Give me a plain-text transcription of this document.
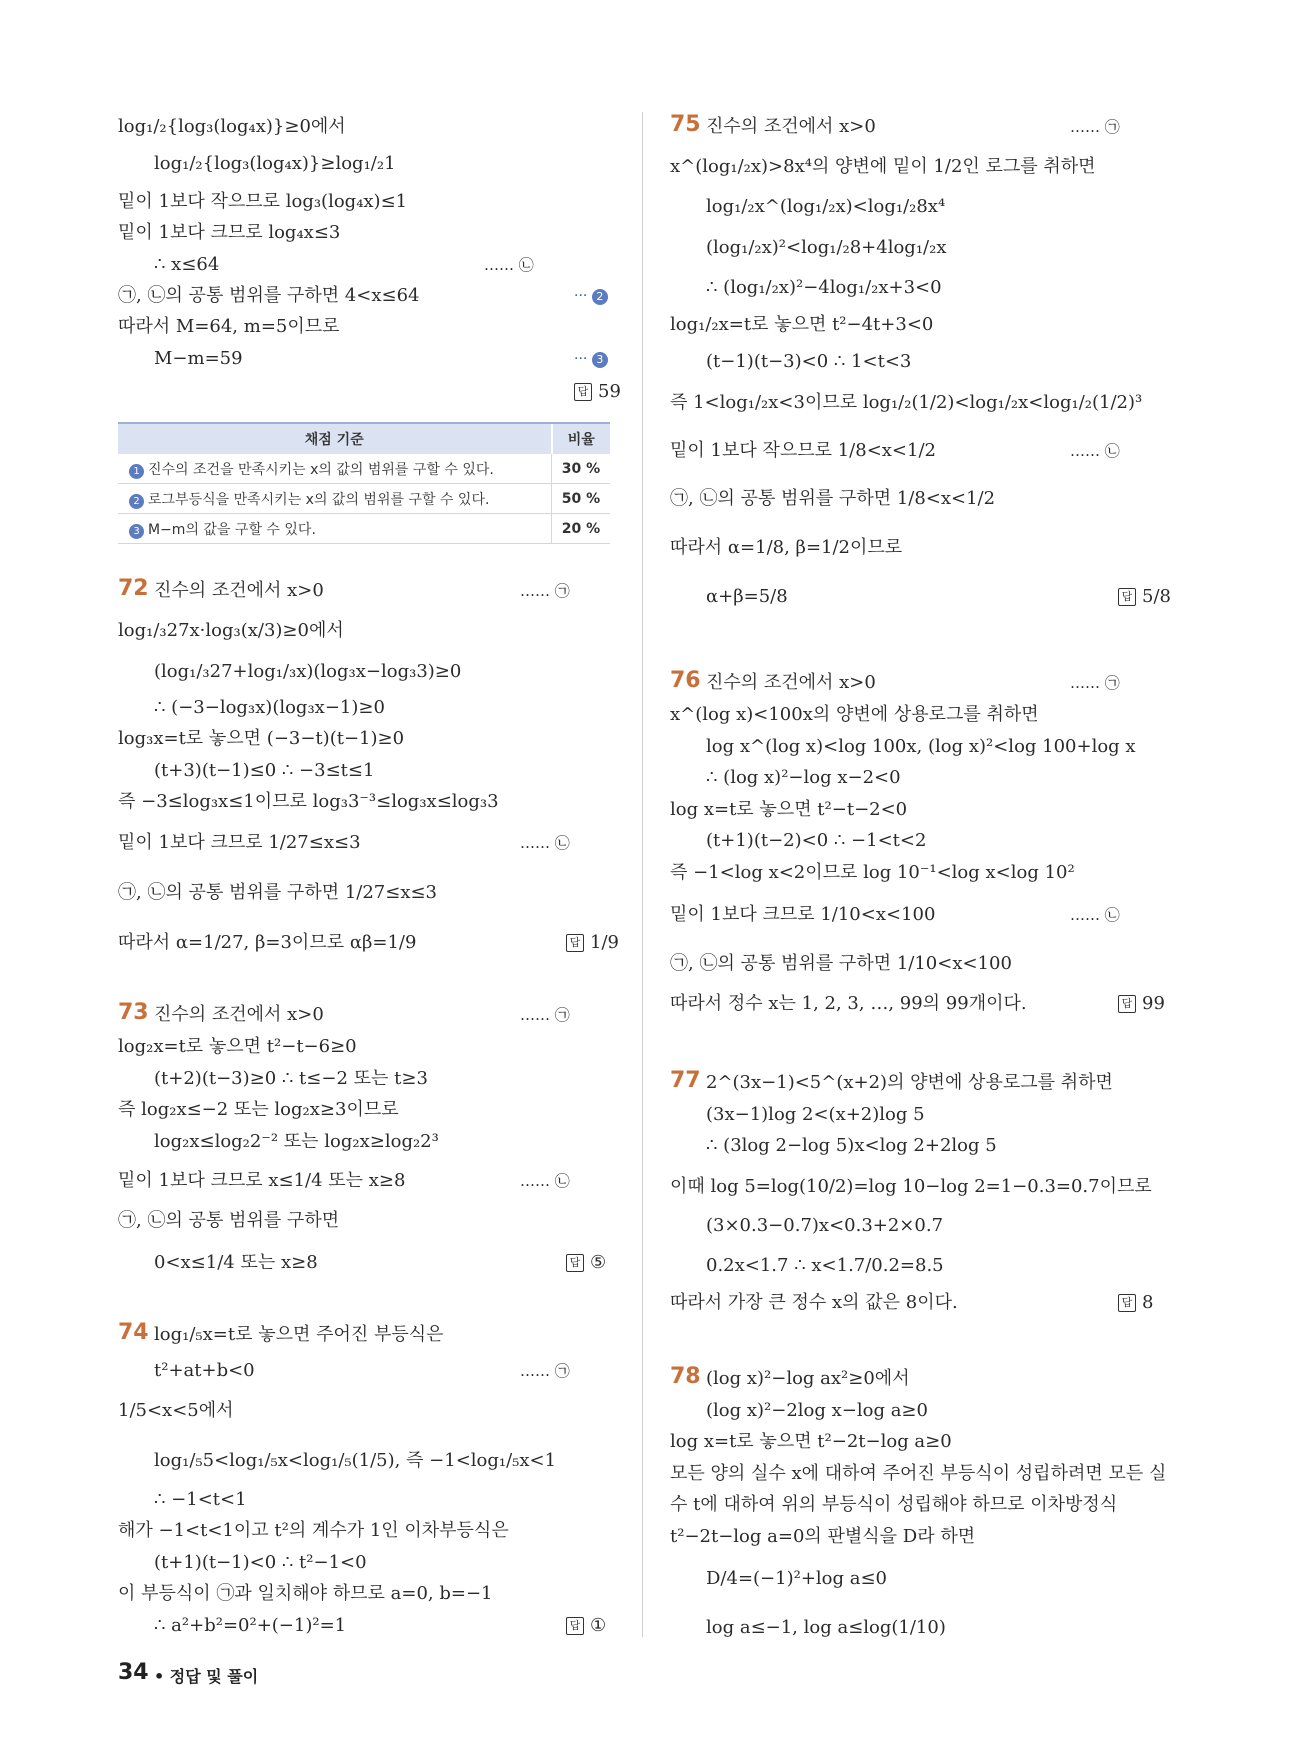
log₁/₂{log₃(log₄x)}≥0에서
log₁/₂{log₃(log₄x)}≥log₁/₂1
밑이 1보다 작으므로 log₃(log₄x)≤1
밑이 1보다 크므로 log₄x≤3
∴ x≤64	…… ㉡
㉠, ㉡의 공통 범위를 구하면 4<x≤64	··· 2
따라서 M=64, m=5이므로
M−m=59	··· 3
답 59
채점 기준	비율
1 진수의 조건을 만족시키는 x의 값의 범위를 구할 수 있다.	30 %
2 로그부등식을 만족시키는 x의 값의 범위를 구할 수 있다.	50 %
3 M−m의 값을 구할 수 있다.	20 %
72 진수의 조건에서 x>0	…… ㉠
log₁/₃27x·log₃(x/3)≥0에서
(log₁/₃27+log₁/₃x)(log₃x−log₃3)≥0
∴ (−3−log₃x)(log₃x−1)≥0
log₃x=t로 놓으면 (−3−t)(t−1)≥0
(t+3)(t−1)≤0 ∴ −3≤t≤1
즉 −3≤log₃x≤1이므로 log₃3⁻³≤log₃x≤log₃3
밑이 1보다 크므로 1/27≤x≤3	…… ㉡
㉠, ㉡의 공통 범위를 구하면 1/27≤x≤3
따라서 α=1/27, β=3이므로 αβ=1/9	답 1/9
73 진수의 조건에서 x>0	…… ㉠
log₂x=t로 놓으면 t²−t−6≥0
(t+2)(t−3)≥0 ∴ t≤−2 또는 t≥3
즉 log₂x≤−2 또는 log₂x≥3이므로
log₂x≤log₂2⁻² 또는 log₂x≥log₂2³
밑이 1보다 크므로 x≤1/4 또는 x≥8	…… ㉡
㉠, ㉡의 공통 범위를 구하면
0<x≤1/4 또는 x≥8	답 ⑤
74 log₁/₅x=t로 놓으면 주어진 부등식은
t²+at+b<0	…… ㉠
1/5<x<5에서
log₁/₅5<log₁/₅x<log₁/₅(1/5), 즉 −1<log₁/₅x<1
∴ −1<t<1
해가 −1<t<1이고 t²의 계수가 1인 이차부등식은
(t+1)(t−1)<0 ∴ t²−1<0
이 부등식이 ㉠과 일치해야 하므로 a=0, b=−1
∴ a²+b²=0²+(−1)²=1	답 ①
75 진수의 조건에서 x>0	…… ㉠
x^(log₁/₂x)>8x⁴의 양변에 밑이 1/2인 로그를 취하면
log₁/₂x^(log₁/₂x)<log₁/₂8x⁴
(log₁/₂x)²<log₁/₂8+4log₁/₂x
∴ (log₁/₂x)²−4log₁/₂x+3<0
log₁/₂x=t로 놓으면 t²−4t+3<0
(t−1)(t−3)<0 ∴ 1<t<3
즉 1<log₁/₂x<3이므로 log₁/₂(1/2)<log₁/₂x<log₁/₂(1/2)³
밑이 1보다 작으므로 1/8<x<1/2	…… ㉡
㉠, ㉡의 공통 범위를 구하면 1/8<x<1/2
따라서 α=1/8, β=1/2이므로
α+β=5/8	답 5/8
76 진수의 조건에서 x>0	…… ㉠
x^(log x)<100x의 양변에 상용로그를 취하면
log x^(log x)<log 100x, (log x)²<log 100+log x
∴ (log x)²−log x−2<0
log x=t로 놓으면 t²−t−2<0
(t+1)(t−2)<0 ∴ −1<t<2
즉 −1<log x<2이므로 log 10⁻¹<log x<log 10²
밑이 1보다 크므로 1/10<x<100	…… ㉡
㉠, ㉡의 공통 범위를 구하면 1/10<x<100
따라서 정수 x는 1, 2, 3, …, 99의 99개이다.	답 99
77 2^(3x−1)<5^(x+2)의 양변에 상용로그를 취하면
(3x−1)log 2<(x+2)log 5
∴ (3log 2−log 5)x<log 2+2log 5
이때 log 5=log(10/2)=log 10−log 2=1−0.3=0.7이므로
(3×0.3−0.7)x<0.3+2×0.7
0.2x<1.7 ∴ x<1.7/0.2=8.5
따라서 가장 큰 정수 x의 값은 8이다.	답 8
78 (log x)²−log ax²≥0에서
(log x)²−2log x−log a≥0
log x=t로 놓으면 t²−2t−log a≥0
모든 양의 실수 x에 대하여 주어진 부등식이 성립하려면 모든 실
수 t에 대하여 위의 부등식이 성립해야 하므로 이차방정식
t²−2t−log a=0의 판별식을 D라 하면
D/4=(−1)²+log a≤0
log a≤−1, log a≤log(1/10)
34 • 정답 및 풀이
